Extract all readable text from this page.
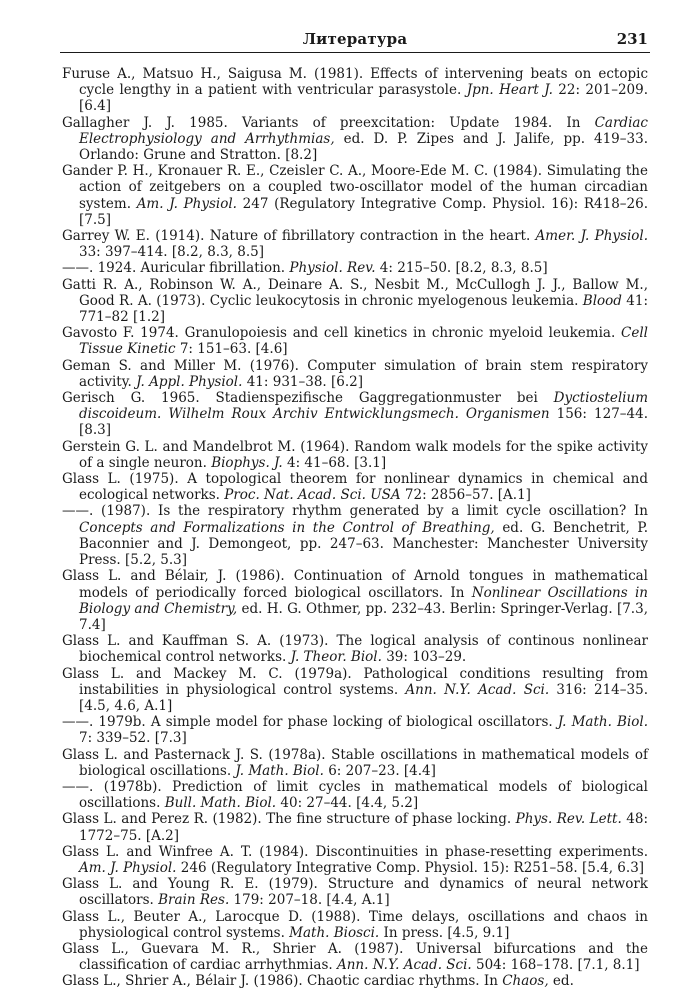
Литература	231

Furuse A., Matsuo H., Saigusa M. (1981). Effects of intervening beats on ectopic cycle lengthy in a patient with ventricular parasystole. Jpn. Heart J. 22: 201–209. [6.4]

Gallagher J. J. 1985. Variants of preexcitation: Update 1984. In Cardiac Electrophysiology and Arrhythmias, ed. D. P. Zipes and J. Jalife, pp. 419–33. Orlando: Grune and Stratton. [8.2]

Gander P. H., Kronauer R. E., Czeisler C. A., Moore-Ede M. C. (1984). Simulating the action of zeitgebers on a coupled two-oscillator model of the human circadian system. Am. J. Physiol. 247 (Regulatory Integrative Comp. Physiol. 16): R418–26. [7.5]

Garrey W. E. (1914). Nature of fibrillatory contraction in the heart. Amer. J. Physiol. 33: 397–414. [8.2, 8.3, 8.5]

——. 1924. Auricular fibrillation. Physiol. Rev. 4: 215–50. [8.2, 8.3, 8.5]

Gatti R. A., Robinson W. A., Deinare A. S., Nesbit M., McCullogh J. J., Ballow M., Good R. A. (1973). Cyclic leukocytosis in chronic myelogenous leukemia. Blood 41: 771–82 [1.2]

Gavosto F. 1974. Granulopoiesis and cell kinetics in chronic myeloid leukemia. Cell Tissue Kinetic 7: 151–63. [4.6]

Geman S. and Miller M. (1976). Computer simulation of brain stem respiratory activity. J. Appl. Physiol. 41: 931–38. [6.2]

Gerisch G. 1965. Stadienspezifische Gaggregationmuster bei Dyctiostelium discoideum. Wilhelm Roux Archiv Entwicklungsmech. Organismen 156: 127–44. [8.3]

Gerstein G. L. and Mandelbrot M. (1964). Random walk models for the spike activity of a single neuron. Biophys. J. 4: 41–68. [3.1]

Glass L. (1975). A topological theorem for nonlinear dynamics in chemical and ecological networks. Proc. Nat. Acad. Sci. USA 72: 2856–57. [A.1]

——. (1987). Is the respiratory rhythm generated by a limit cycle oscillation? In Concepts and Formalizations in the Control of Breathing, ed. G. Benchetrit, P. Baconnier and J. Demongeot, pp. 247–63. Manchester: Manchester University Press. [5.2, 5.3]

Glass L. and Bélair, J. (1986). Continuation of Arnold tongues in mathematical models of periodically forced biological oscillators. In Nonlinear Oscillations in Biology and Chemistry, ed. H. G. Othmer, pp. 232–43. Berlin: Springer-Verlag. [7.3, 7.4]

Glass L. and Kauffman S. A. (1973). The logical analysis of continous nonlinear biochemical control networks. J. Theor. Biol. 39: 103–29.

Glass L. and Mackey M. C. (1979a). Pathological conditions resulting from instabilities in physiological control systems. Ann. N.Y. Acad. Sci. 316: 214–35. [4.5, 4.6, A.1]

——. 1979b. A simple model for phase locking of biological oscillators. J. Math. Biol. 7: 339–52. [7.3]

Glass L. and Pasternack J. S. (1978a). Stable oscillations in mathematical models of biological oscillations. J. Math. Biol. 6: 207–23. [4.4]

——. (1978b). Prediction of limit cycles in mathematical models of biological oscillations. Bull. Math. Biol. 40: 27–44. [4.4, 5.2]

Glass L. and Perez R. (1982). The fine structure of phase locking. Phys. Rev. Lett. 48: 1772–75. [A.2]

Glass L. and Winfree A. T. (1984). Discontinuities in phase-resetting experiments. Am. J. Physiol. 246 (Regulatory Integrative Comp. Physiol. 15): R251–58. [5.4, 6.3]

Glass L. and Young R. E. (1979). Structure and dynamics of neural network oscillators. Brain Res. 179: 207–18. [4.4, A.1]

Glass L., Beuter A., Larocque D. (1988). Time delays, oscillations and chaos in physiological control systems. Math. Biosci. In press. [4.5, 9.1]

Glass L., Guevara M. R., Shrier A. (1987). Universal bifurcations and the classification of cardiac arrhythmias. Ann. N.Y. Acad. Sci. 504: 168–178. [7.1, 8.1]

Glass L., Shrier A., Bélair J. (1986). Chaotic cardiac rhythms. In Chaos, ed.
